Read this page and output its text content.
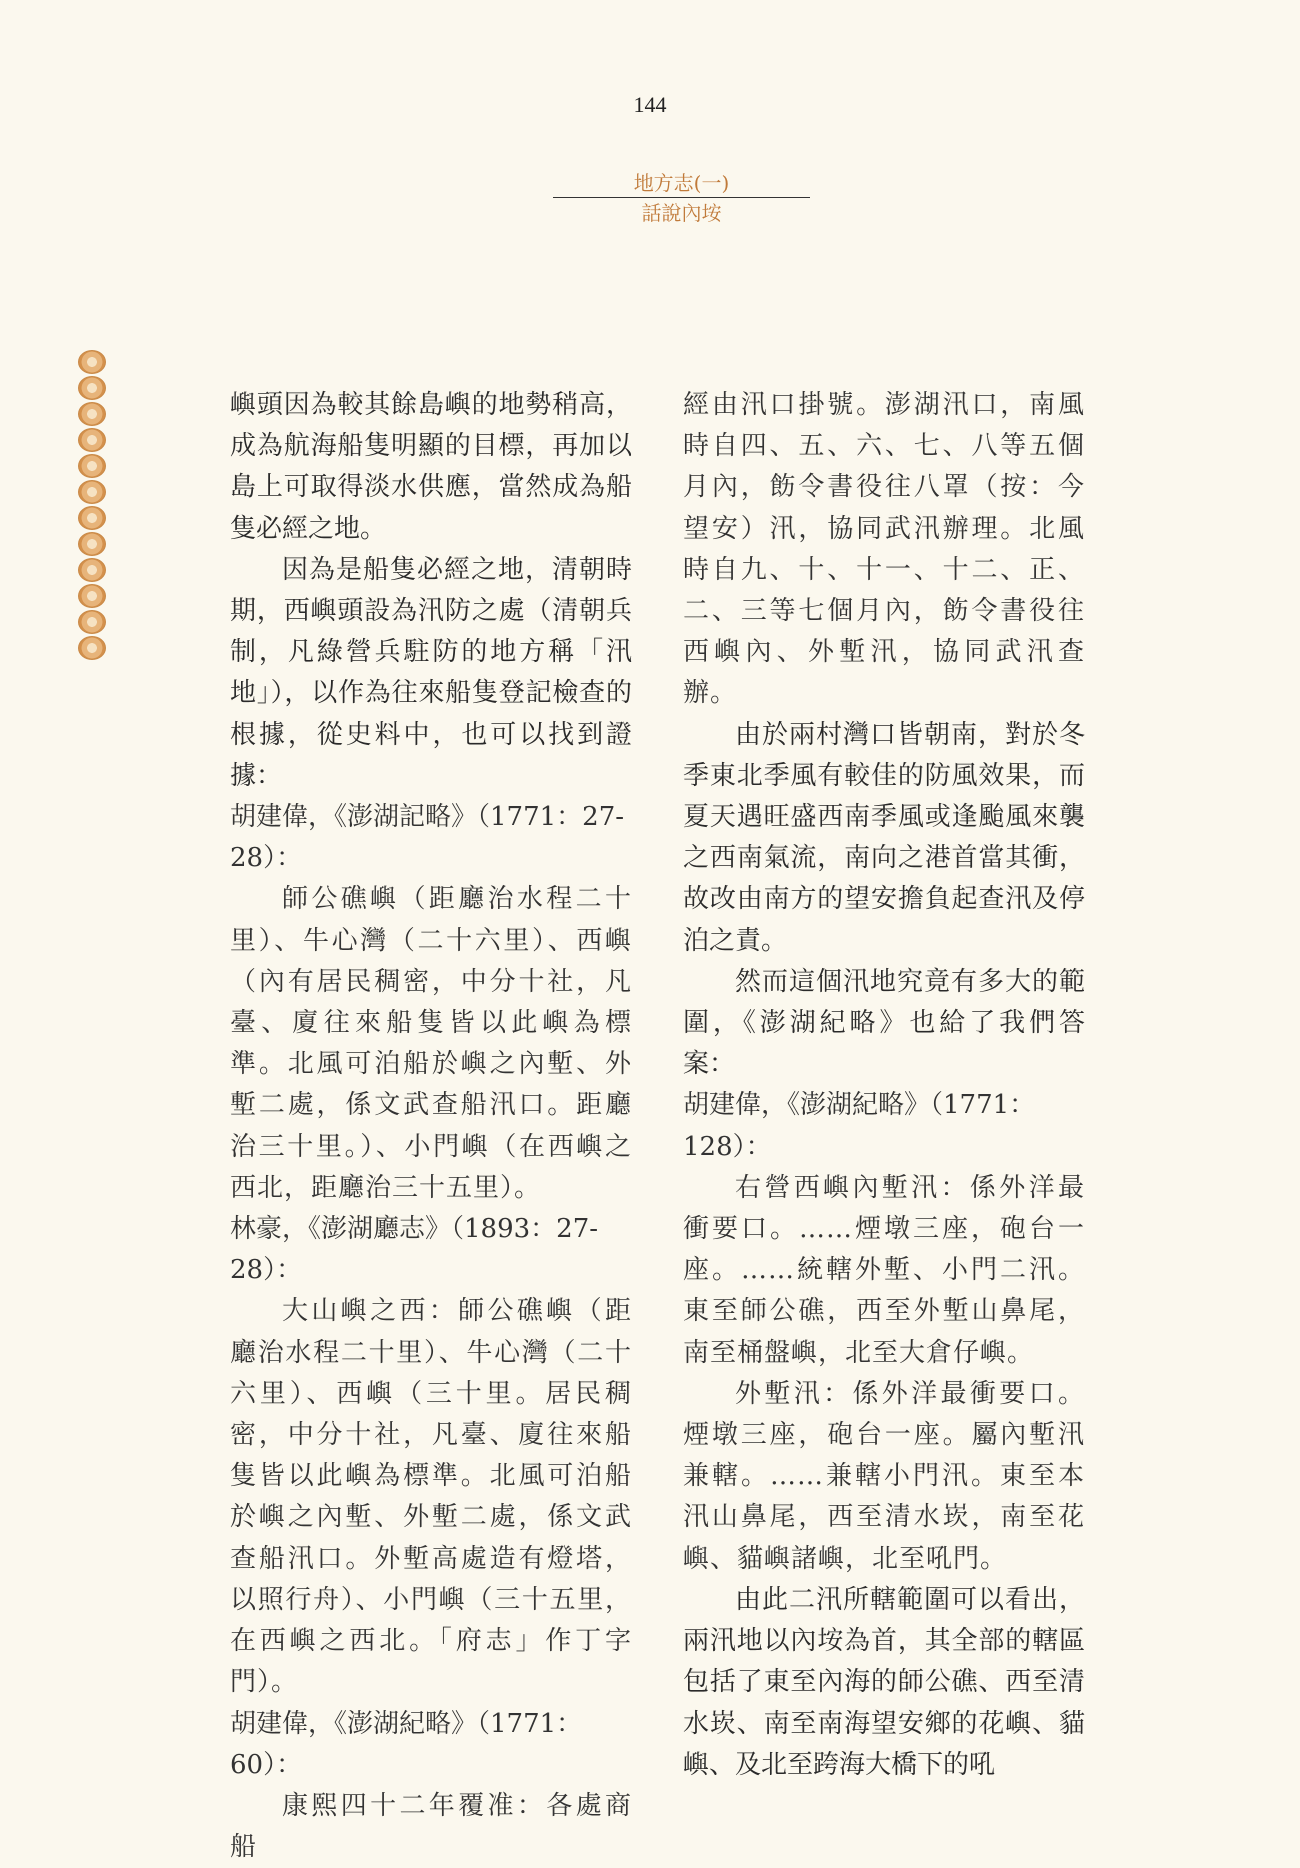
144
地方志(一)
話說內垵

嶼頭因為較其餘島嶼的地勢稍高，成為航海船隻明顯的目標，再加以島上可取得淡水供應，當然成為船隻必經之地。

因為是船隻必經之地，清朝時期，西嶼頭設為汛防之處（清朝兵制，凡綠營兵駐防的地方稱「汛地」），以作為往來船隻登記檢查的根據，從史料中，也可以找到證據：

胡建偉，《澎湖記略》（1771：27-28）：

師公礁嶼（距廳治水程二十里）、牛心灣（二十六里）、西嶼（內有居民稠密，中分十社，凡臺、廈往來船隻皆以此嶼為標準。北風可泊船於嶼之內塹、外塹二處，係文武查船汛口。距廳治三十里。）、小門嶼（在西嶼之西北，距廳治三十五里）。

林豪，《澎湖廳志》（1893：27-28）：

大山嶼之西：師公礁嶼（距廳治水程二十里）、牛心灣（二十六里）、西嶼（三十里。居民稠密，中分十社，凡臺、廈往來船隻皆以此嶼為標準。北風可泊船於嶼之內塹、外塹二處，係文武查船汛口。外塹高處造有燈塔，以照行舟）、小門嶼（三十五里，在西嶼之西北。「府志」作丁字門）。

胡建偉，《澎湖紀略》（1771：60）：

康熙四十二年覆准：各處商船

經由汛口掛號。澎湖汛口，南風時自四、五、六、七、八等五個月內，飭令書役往八罩（按：今望安）汛，協同武汛辦理。北風時自九、十、十一、十二、正、二、三等七個月內，飭令書役往西嶼內、外塹汛，協同武汛查辦。

由於兩村灣口皆朝南，對於冬季東北季風有較佳的防風效果，而夏天遇旺盛西南季風或逢颱風來襲之西南氣流，南向之港首當其衝，故改由南方的望安擔負起查汛及停泊之責。

然而這個汛地究竟有多大的範圍，《澎湖紀略》也給了我們答案：

胡建偉，《澎湖紀略》（1771：128）：

右營西嶼內塹汛：係外洋最衝要口。……煙墩三座，砲台一座。……統轄外塹、小門二汛。東至師公礁，西至外塹山鼻尾，南至桶盤嶼，北至大倉仔嶼。

外塹汛：係外洋最衝要口。煙墩三座，砲台一座。屬內塹汛兼轄。……兼轄小門汛。東至本汛山鼻尾，西至清水崁，南至花嶼、貓嶼諸嶼，北至吼門。

由此二汛所轄範圍可以看出，兩汛地以內垵為首，其全部的轄區包括了東至內海的師公礁、西至清水崁、南至南海望安鄉的花嶼、貓嶼、及北至跨海大橋下的吼
